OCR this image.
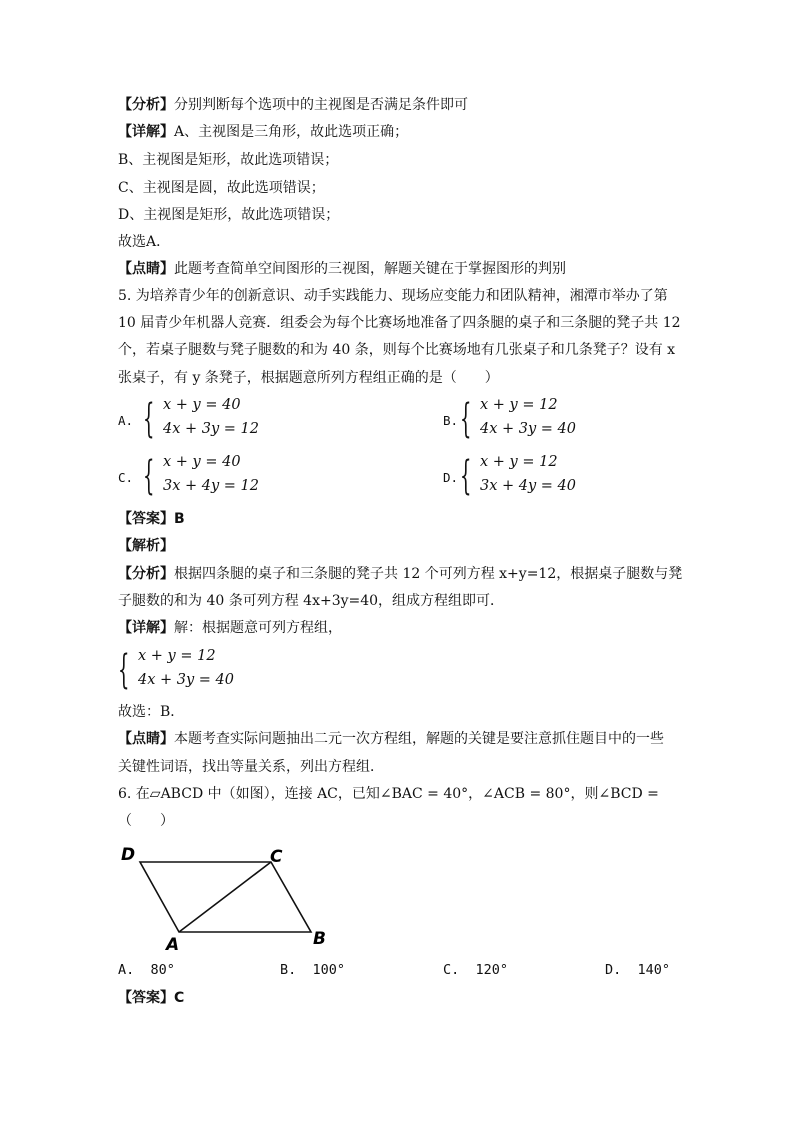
【分析】分别判断每个选项中的主视图是否满足条件即可
【详解】A、主视图是三角形，故此选项正确；
B、主视图是矩形，故此选项错误；
C、主视图是圆，故此选项错误；
D、主视图是矩形，故此选项错误；
故选A．
【点睛】此题考查简单空间图形的三视图，解题关键在于掌握图形的判别
5. 为培养青少年的创新意识、动手实践能力、现场应变能力和团队精神，湘潭市举办了第
10 届青少年机器人竞赛．组委会为每个比赛场地准备了四条腿的桌子和三条腿的凳子共 12
个，若桌子腿数与凳子腿数的和为 40 条，则每个比赛场地有几张桌子和几条凳子？设有 x
张桌子，有 y 条凳子，根据题意所列方程组正确的是（　　）
A. { x + y = 40
4x + 3y = 12
B. { x + y = 12
4x + 3y = 40
C. { x + y = 40
3x + 4y = 12
D. { x + y = 12
3x + 4y = 40
【答案】B
【解析】
【分析】根据四条腿的桌子和三条腿的凳子共 12 个可列方程 x+y=12，根据桌子腿数与凳
子腿数的和为 40 条可列方程 4x+3y=40，组成方程组即可．
【详解】解：根据题意可列方程组，
{ x + y = 12
4x + 3y = 40
故选：B．
【点睛】本题考查实际问题抽出二元一次方程组，解题的关键是要注意抓住题目中的一些
关键性词语，找出等量关系，列出方程组．
6. 在▱ABCD 中（如图），连接 AC，已知∠BAC = 40°，∠ACB = 80°，则∠BCD =
（　　）
D	C
A	B
A. 80°	B. 100°	C. 120°	D. 140°
【答案】C
